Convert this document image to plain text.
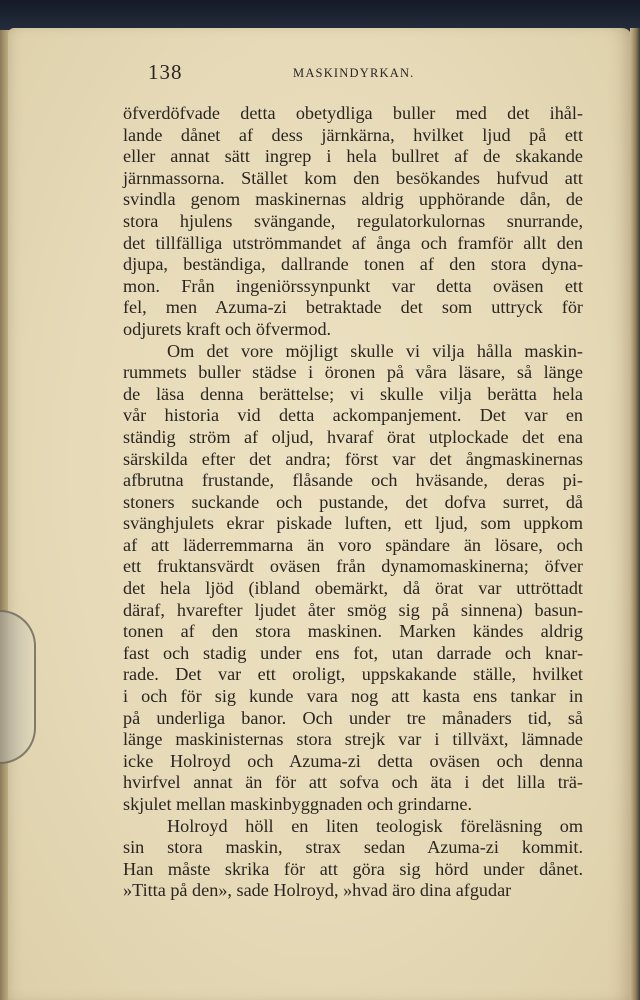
138	MASKINDYRKAN.
öfverdöfvade detta obetydliga buller med det ihål-
lande dånet af dess järnkärna, hvilket ljud på ett
eller annat sätt ingrep i hela bullret af de skakande
järnmassorna. Stället kom den besökandes hufvud att
svindla genom maskinernas aldrig upphörande dån, de
stora hjulens svängande, regulatorkulornas snurrande,
det tillfälliga utströmmandet af ånga och framför allt den
djupa, beständiga, dallrande tonen af den stora dyna-
mon. Från ingeniörssynpunkt var detta oväsen ett
fel, men Azuma-zi betraktade det som uttryck för
odjurets kraft och öfvermod.
Om det vore möjligt skulle vi vilja hålla maskin-
rummets buller städse i öronen på våra läsare, så länge
de läsa denna berättelse; vi skulle vilja berätta hela
vår historia vid detta ackompanjement. Det var en
ständig ström af oljud, hvaraf örat utplockade det ena
särskilda efter det andra; först var det ångmaskinernas
afbrutna frustande, flåsande och hväsande, deras pi-
stoners suckande och pustande, det dofva surret, då
svänghjulets ekrar piskade luften, ett ljud, som uppkom
af att läderremmarna än voro spändare än lösare, och
ett fruktansvärdt oväsen från dynamomaskinerna; öfver
det hela ljöd (ibland obemärkt, då örat var uttröttadt
däraf, hvarefter ljudet åter smög sig på sinnena) basun-
tonen af den stora maskinen. Marken kändes aldrig
fast och stadig under ens fot, utan darrade och knar-
rade. Det var ett oroligt, uppskakande ställe, hvilket
i och för sig kunde vara nog att kasta ens tankar in
på underliga banor. Och under tre månaders tid, så
länge maskinisternas stora strejk var i tillväxt, lämnade
icke Holroyd och Azuma-zi detta oväsen och denna
hvirfvel annat än för att sofva och äta i det lilla trä-
skjulet mellan maskinbyggnaden och grindarne.
Holroyd höll en liten teologisk föreläsning om
sin stora maskin, strax sedan Azuma-zi kommit.
Han måste skrika för att göra sig hörd under dånet.
»Titta på den», sade Holroyd, »hvad äro dina afgudar
